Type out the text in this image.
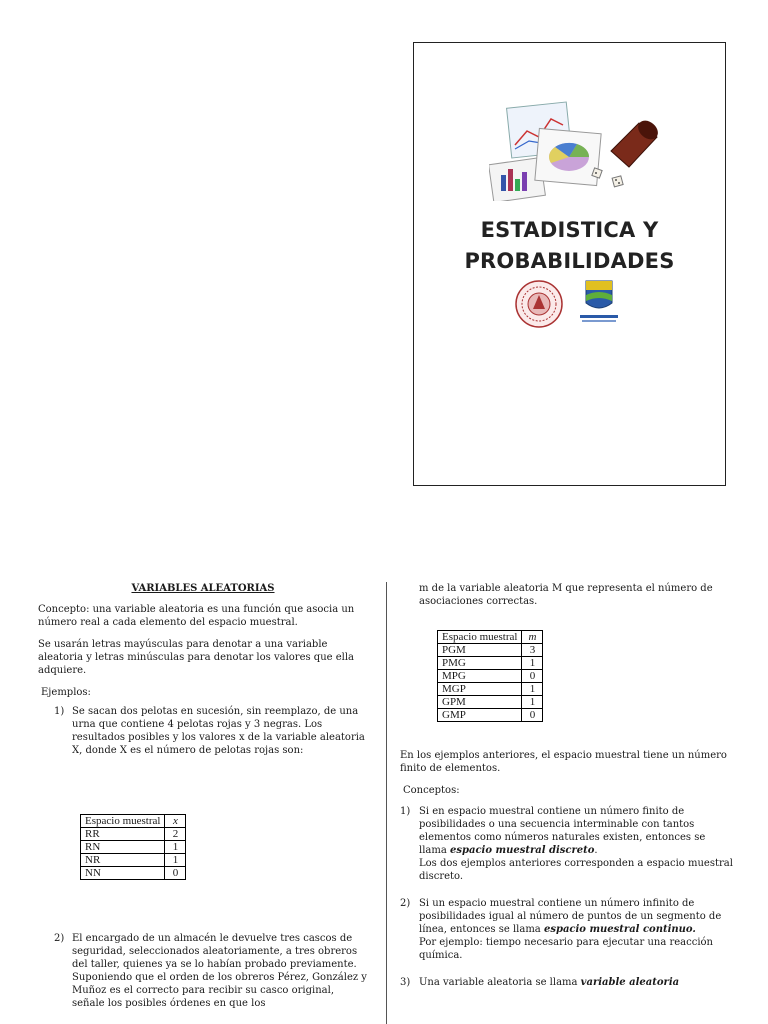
ESTADISTICA Y
PROBABILIDADES
VARIABLES ALEATORIAS

Concepto: una variable aleatoria es una función que asocia un número real a cada elemento del espacio muestral.

Se usarán letras mayúsculas para denotar a una variable aleatoria y letras minúsculas para denotar los valores que ella adquiere.

Ejemplos:

1) Se sacan dos pelotas en sucesión, sin reemplazo, de una urna que contiene 4 pelotas rojas y 3 negras. Los resultados posibles y los valores x de la variable aleatoria X, donde X es el número de pelotas rojas son:
Espacio muestral	x
RR	2
RN	1
NR	1
NN	0
2) El encargado de un almacén le devuelve tres cascos de seguridad, seleccionados aleatoriamente, a tres obreros del taller, quienes ya se lo habían probado previamente. Suponiendo que el orden de los obreros Pérez, González y Muñoz es el correcto para recibir su casco original, señale los posibles órdenes en que los

m de la variable aleatoria M que representa el número de asociaciones correctas.

Espacio muestral	m
PGM	3
PMG	1
MPG	0
MGP	1
GPM	1
GMP	0

En los ejemplos anteriores, el espacio muestral tiene un número finito de elementos.

Conceptos:

1) Si en espacio muestral contiene un número finito de posibilidades o una secuencia interminable con tantos elementos como números naturales existen, entonces se llama espacio muestral discreto.
Los dos ejemplos anteriores corresponden a espacio muestral discreto.
2) Si un espacio muestral contiene un número infinito de posibilidades igual al número de puntos de un segmento de línea, entonces se llama espacio muestral continuo.
Por ejemplo: tiempo necesario para ejecutar una reacción química.
3) Una variable aleatoria se llama variable aleatoria
